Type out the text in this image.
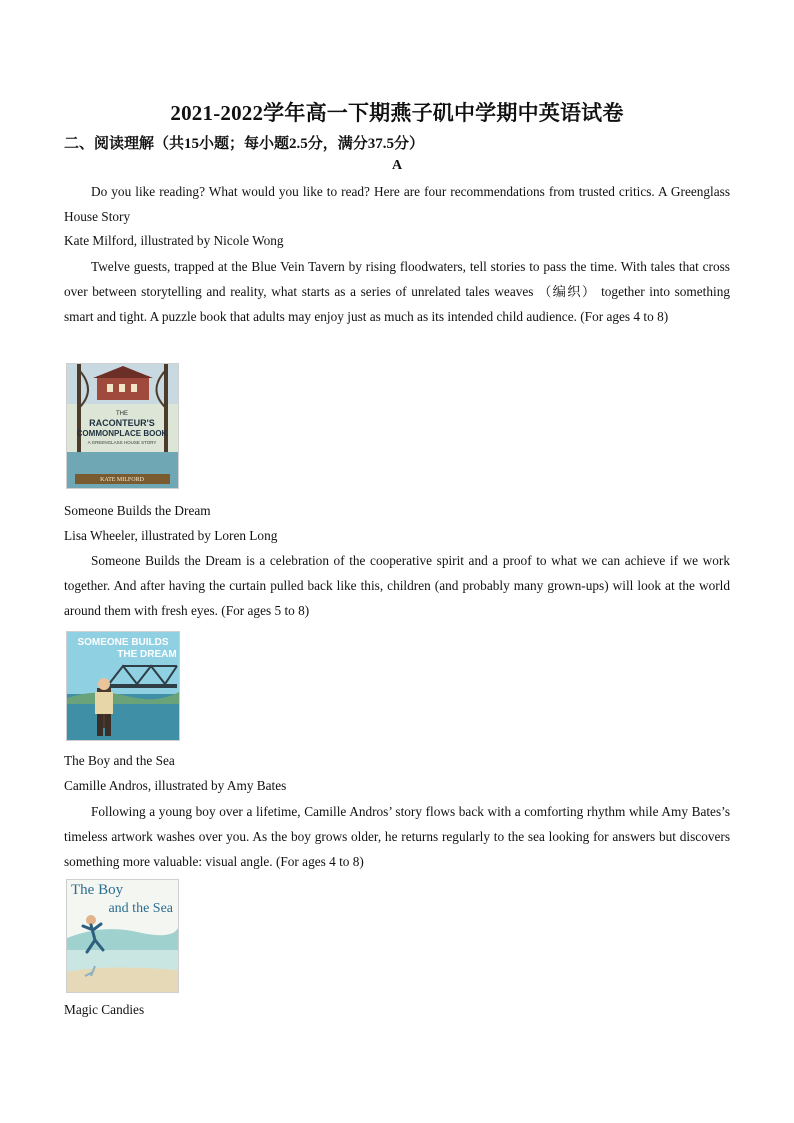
2021-2022学年高一下期燕子矶中学期中英语试卷
二、阅读理解（共15小题；每小题2.5分，满分37.5分）
A
Do you like reading? What would you like to read? Here are four recommendations from trusted critics. A Greenglass House Story
Kate Milford, illustrated by Nicole Wong
Twelve guests, trapped at the Blue Vein Tavern by rising floodwaters, tell stories to pass the time. With tales that cross over between storytelling and reality, what starts as a series of unrelated tales weaves （编织） together into something smart and tight. A puzzle book that adults may enjoy just as much as its intended child audience. (For ages 4 to 8)
THE
RACONTEUR'S
COMMONPLACE BOOK
A GREENGLASS HOUSE STORY
KATE MILFORD
Someone Builds the Dream
Lisa Wheeler, illustrated by Loren Long
Someone Builds the Dream is a celebration of the cooperative spirit and a proof to what we can achieve if we work together. And after having the curtain pulled back like this, children (and probably many grown-ups) will look at the world around them with fresh eyes. (For ages 5 to 8)
SOMEONE BUILDS
THE DREAM
The Boy and the Sea
Camille Andros, illustrated by Amy Bates
Following a young boy over a lifetime, Camille Andros’ story flows back with a comforting rhythm while Amy Bates’s timeless artwork washes over you. As the boy grows older, he returns regularly to the sea looking for answers but discovers something more valuable: visual angle. (For ages 4 to 8)
The Boy
and the Sea
Magic Candies
